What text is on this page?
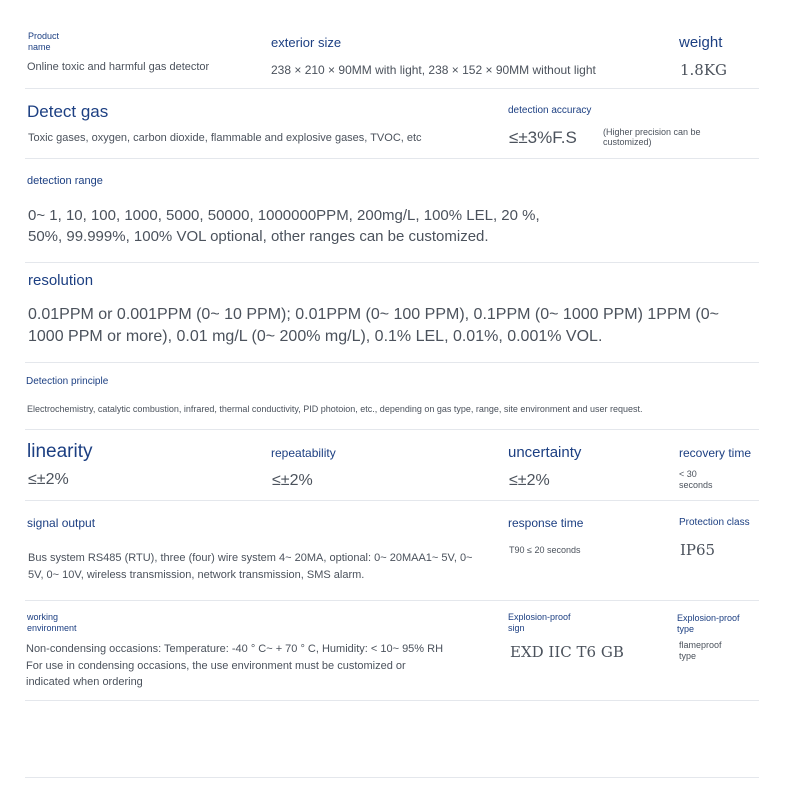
Product name
Online toxic and harmful gas detector
exterior size
238 × 210 × 90MM with light, 238 × 152 × 90MM without light
weight
1.8KG
Detect gas
Toxic gases, oxygen, carbon dioxide, flammable and explosive gases, TVOC, etc
detection accuracy
≤±3%F.S	(Higher precision can be customized)
detection range
0~ 1, 10, 100, 1000, 5000, 50000, 1000000PPM, 200mg/L, 100% LEL, 20 %, 50%, 99.999%, 100% VOL optional, other ranges can be customized.
resolution
0.01PPM or 0.001PPM (0~ 10 PPM); 0.01PPM (0~ 100 PPM), 0.1PPM (0~ 1000 PPM) 1PPM (0~ 1000 PPM or more), 0.01 mg/L (0~ 200% mg/L), 0.1% LEL, 0.01%, 0.001% VOL.
Detection principle
Electrochemistry, catalytic combustion, infrared, thermal conductivity, PID photoion, etc., depending on gas type, range, site environment and user request.
linearity
≤±2%
repeatability
≤±2%
uncertainty
≤±2%
recovery time
< 30 seconds
signal output
Bus system RS485 (RTU), three (four) wire system 4~ 20MA, optional: 0~ 20MAA1~ 5V, 0~ 5V, 0~ 10V, wireless transmission, network transmission, SMS alarm.
response time
T90 ≤ 20 seconds
Protection class
IP65
working environment
Non-condensing occasions: Temperature: -40 ° C~ + 70 ° C, Humidity: < 10~ 95% RH
For use in condensing occasions, the use environment must be customized or indicated when ordering
Explosion-proof sign
EXD IIC T6 GB
Explosion-proof type
flameproof type
